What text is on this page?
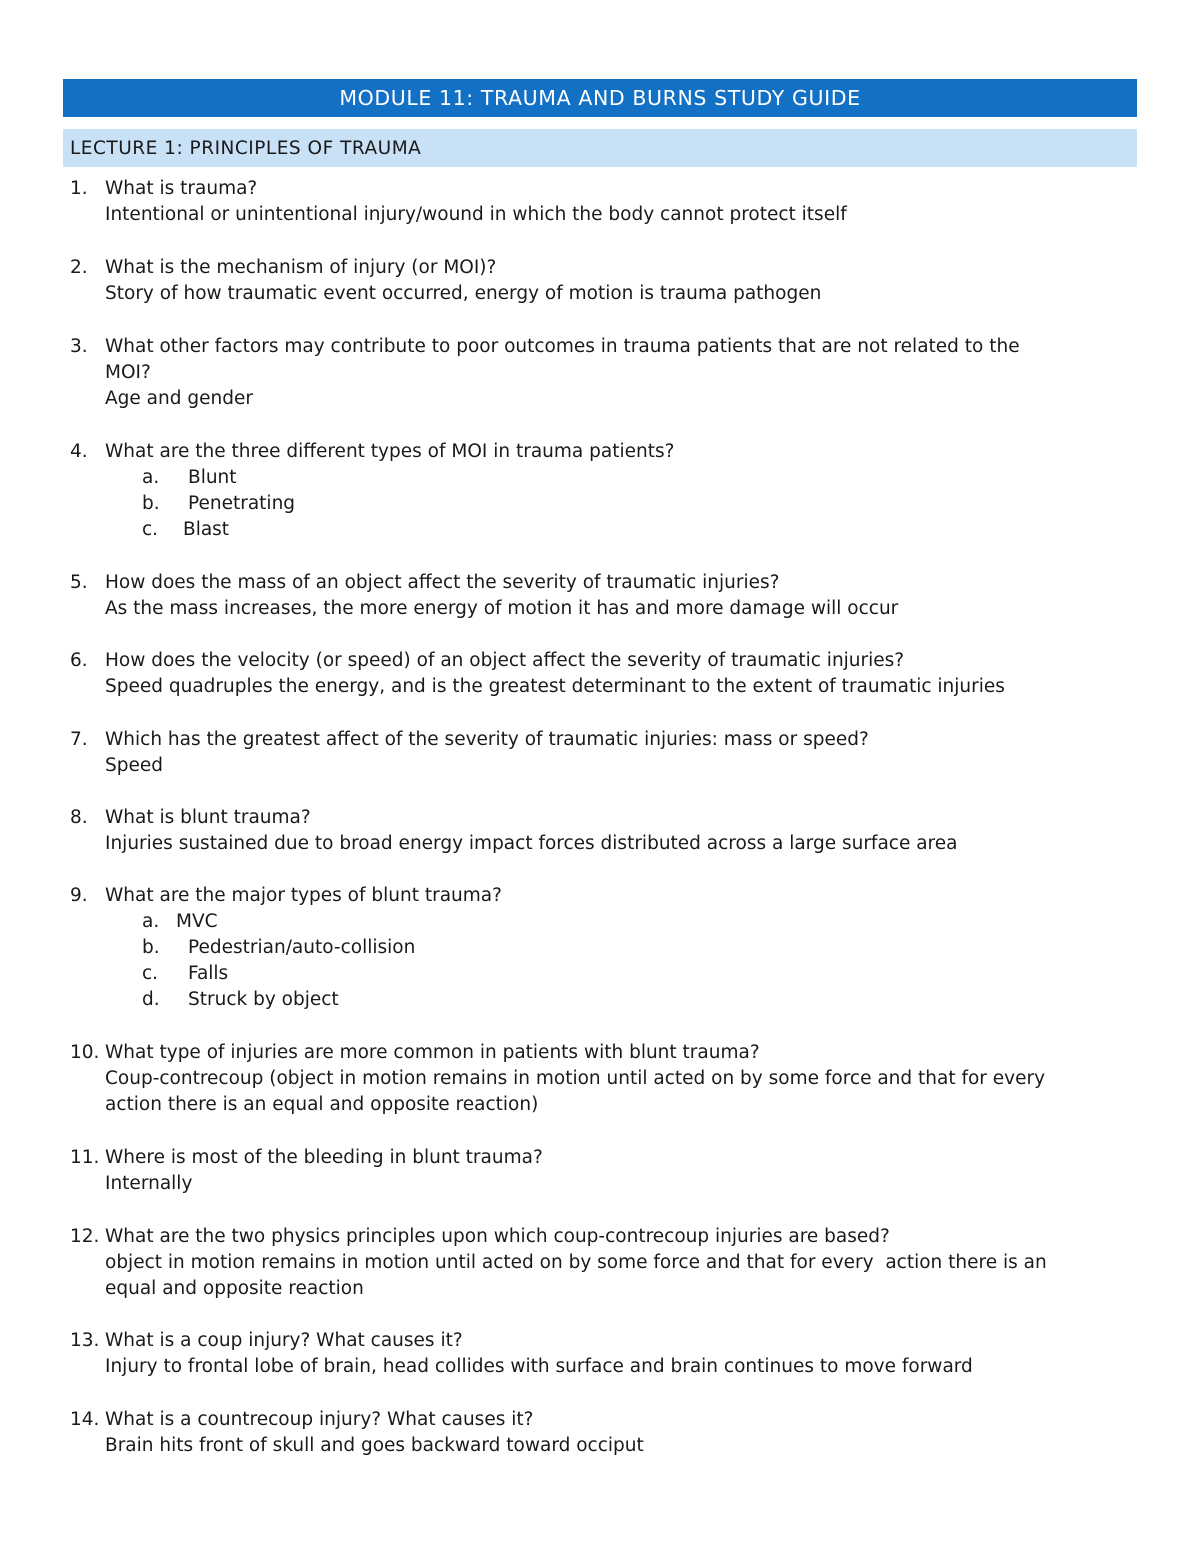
MODULE 11: TRAUMA AND BURNS STUDY GUIDE
LECTURE 1: PRINCIPLES OF TRAUMA
1. What is trauma?
Intentional or unintentional injury/wound in which the body cannot protect itself
2. What is the mechanism of injury (or MOI)?
Story of how traumatic event occurred, energy of motion is trauma pathogen
3. What other factors may contribute to poor outcomes in trauma patients that are not related to the
MOI?
Age and gender
4. What are the three different types of MOI in trauma patients?
a. Blunt
b. Penetrating
c. Blast
5. How does the mass of an object affect the severity of traumatic injuries?
As the mass increases, the more energy of motion it has and more damage will occur
6. How does the velocity (or speed) of an object affect the severity of traumatic injuries?
Speed quadruples the energy, and is the greatest determinant to the extent of traumatic injuries
7. Which has the greatest affect of the severity of traumatic injuries: mass or speed?
Speed
8. What is blunt trauma?
Injuries sustained due to broad energy impact forces distributed across a large surface area
9. What are the major types of blunt trauma?
a. MVC
b. Pedestrian/auto-collision
c. Falls
d. Struck by object
10. What type of injuries are more common in patients with blunt trauma?
Coup-contrecoup (object in motion remains in motion until acted on by some force and that for every
action there is an equal and opposite reaction)
11. Where is most of the bleeding in blunt trauma?
Internally
12. What are the two physics principles upon which coup-contrecoup injuries are based?
object in motion remains in motion until acted on by some force and that for every  action there is an
equal and opposite reaction
13. What is a coup injury? What causes it?
Injury to frontal lobe of brain, head collides with surface and brain continues to move forward
14. What is a countrecoup injury? What causes it?
Brain hits front of skull and goes backward toward occiput
